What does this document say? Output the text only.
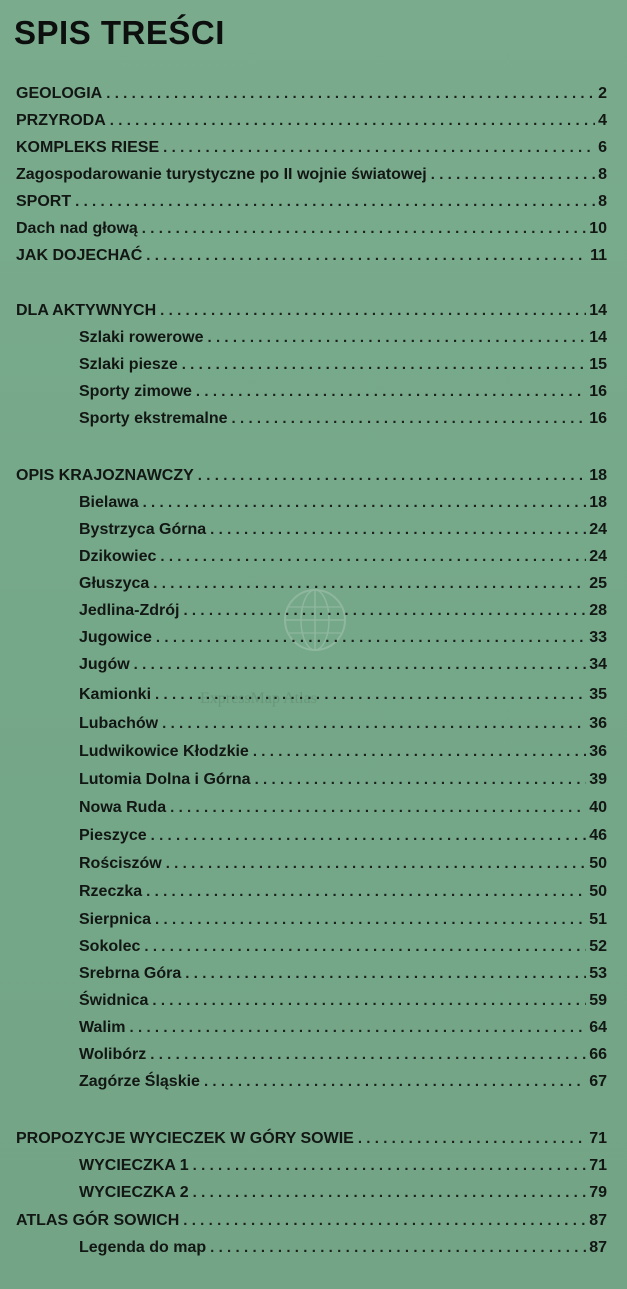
SPIS TREŚCI
ExpressMap Atlas
GEOLOGIA .....	2
PRZYRODA .....	4
KOMPLEKS RIESE .....	6
Zagospodarowanie turystyczne po II wojnie światowej .....	8
SPORT .....	8
Dach nad głową .....	10
JAK DOJECHAĆ .....	11
DLA AKTYWNYCH .....	14
Szlaki rowerowe .....	14
Szlaki piesze .....	15
Sporty zimowe .....	16
Sporty ekstremalne .....	16
OPIS KRAJOZNAWCZY .....	18
Bielawa .....	18
Bystrzyca Górna .....	24
Dzikowiec .....	24
Głuszyca .....	25
Jedlina-Zdrój .....	28
Jugowice .....	33
Jugów .....	34
Kamionki .....	35
Lubachów .....	36
Ludwikowice Kłodzkie .....	36
Lutomia Dolna i Górna .....	39
Nowa Ruda .....	40
Pieszyce .....	46
Rościszów .....	50
Rzeczka .....	50
Sierpnica .....	51
Sokolec .....	52
Srebrna Góra .....	53
Świdnica .....	59
Walim .....	64
Wolibórz .....	66
Zagórze Śląskie .....	67
PROPOZYCJE WYCIECZEK W GÓRY SOWIE .....	71
WYCIECZKA 1 .....	71
WYCIECZKA 2 .....	79
ATLAS GÓR SOWICH .....	87
Legenda do map .....	87
